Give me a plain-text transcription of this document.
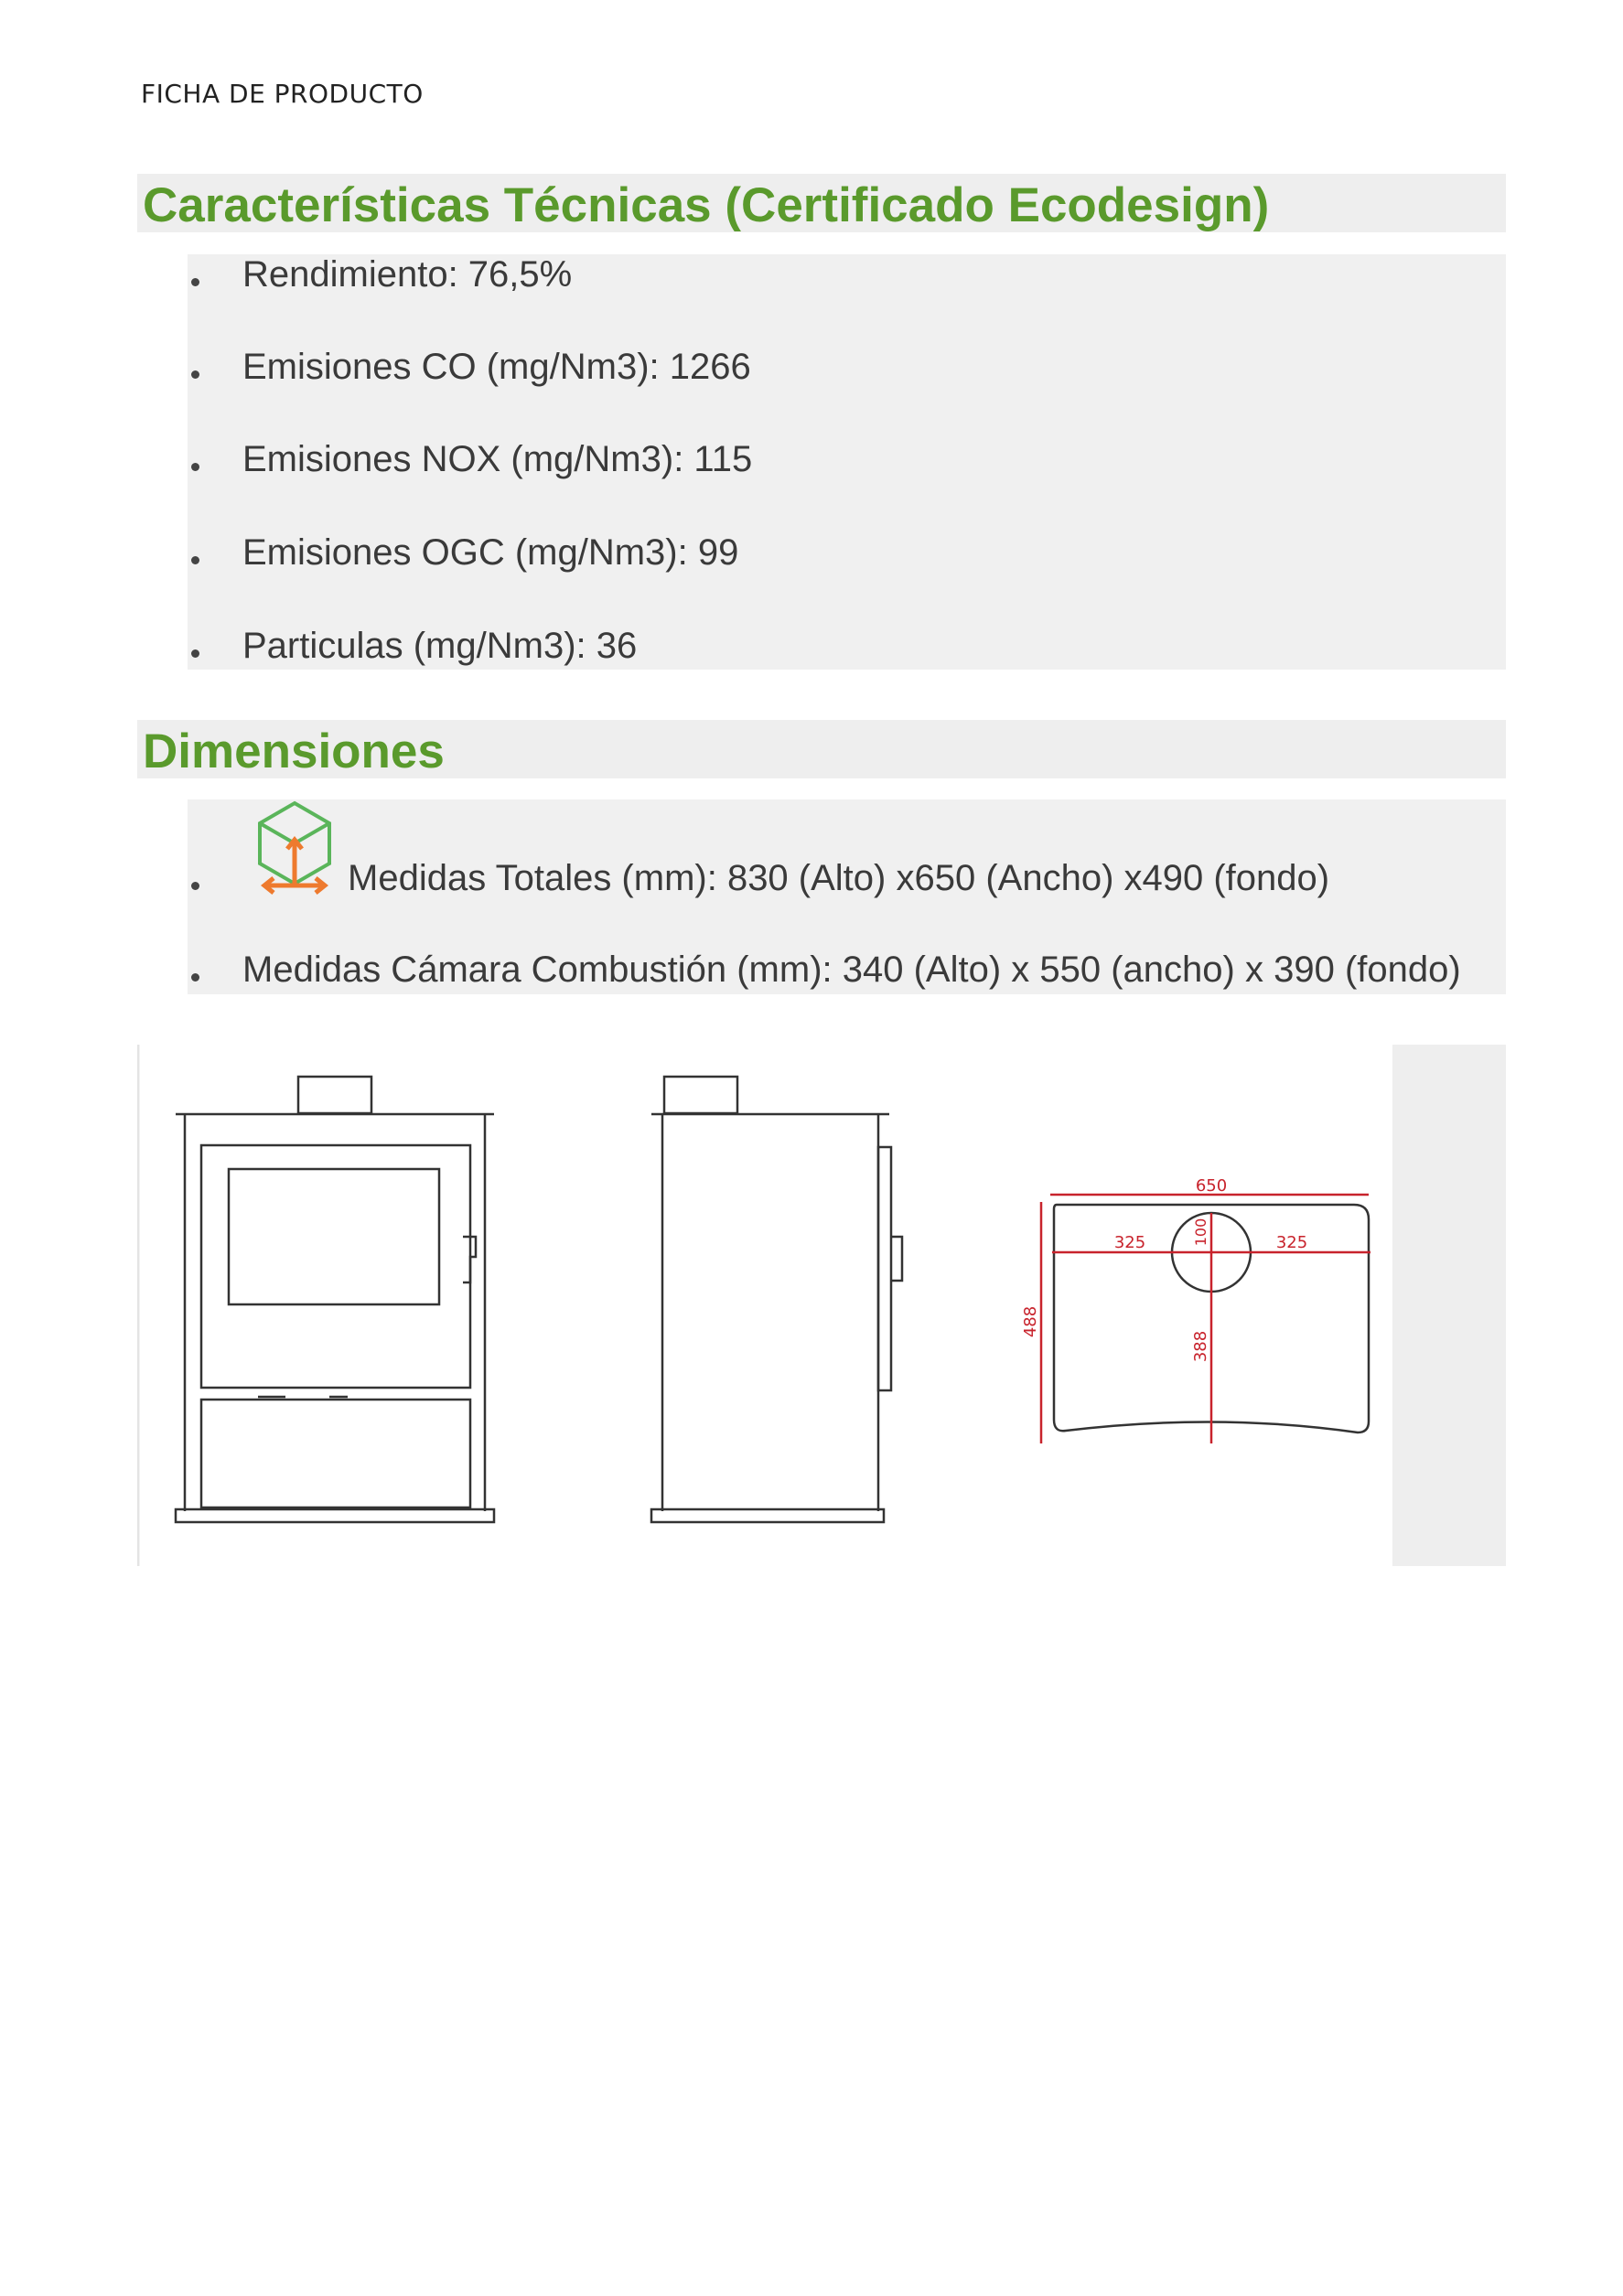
FICHA DE PRODUCTO
Características Técnicas (Certificado Ecodesign)
Rendimiento: 76,5%
Emisiones CO (mg/Nm3): 1266
Emisiones NOX (mg/Nm3): 115
Emisiones OGC (mg/Nm3): 99
Particulas (mg/Nm3): 36
Dimensiones
Medidas Totales (mm): 830 (Alto) x650 (Ancho) x490 (fondo)
Medidas Cámara Combustión (mm): 340 (Alto) x 550 (ancho) x 390 (fondo)
650
325	325
100
488
388
